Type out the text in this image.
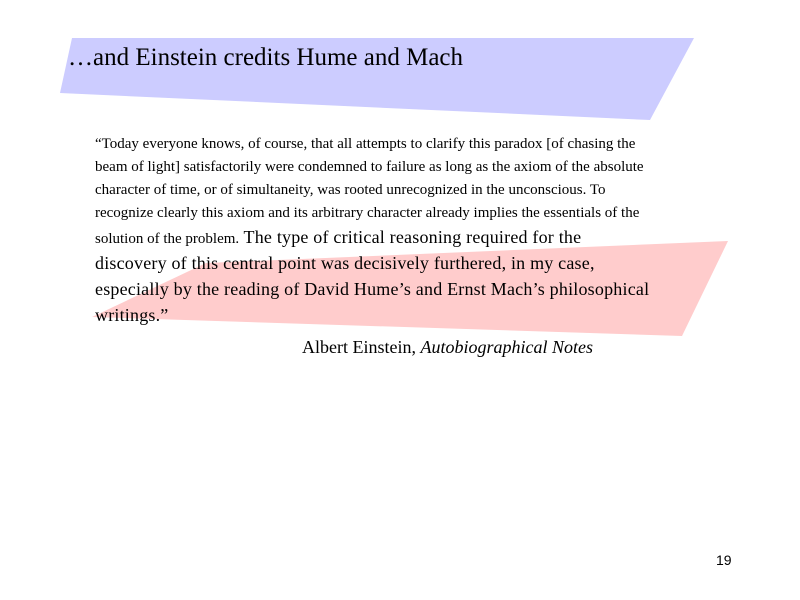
…and Einstein credits Hume and Mach

“Today everyone knows, of course, that all attempts to clarify this paradox [of chasing the beam of light] satisfactorily were condemned to failure as long as the axiom of the absolute character of time, or of simultaneity, was rooted unrecognized in the unconscious. To recognize clearly this axiom and its arbitrary character already implies the essentials of the solution of the problem. The type of critical reasoning required for the discovery of this central point was decisively furthered, in my case, especially by the reading of David Hume’s and Ernst Mach’s philosophical writings.”

Albert Einstein, Autobiographical Notes

19
